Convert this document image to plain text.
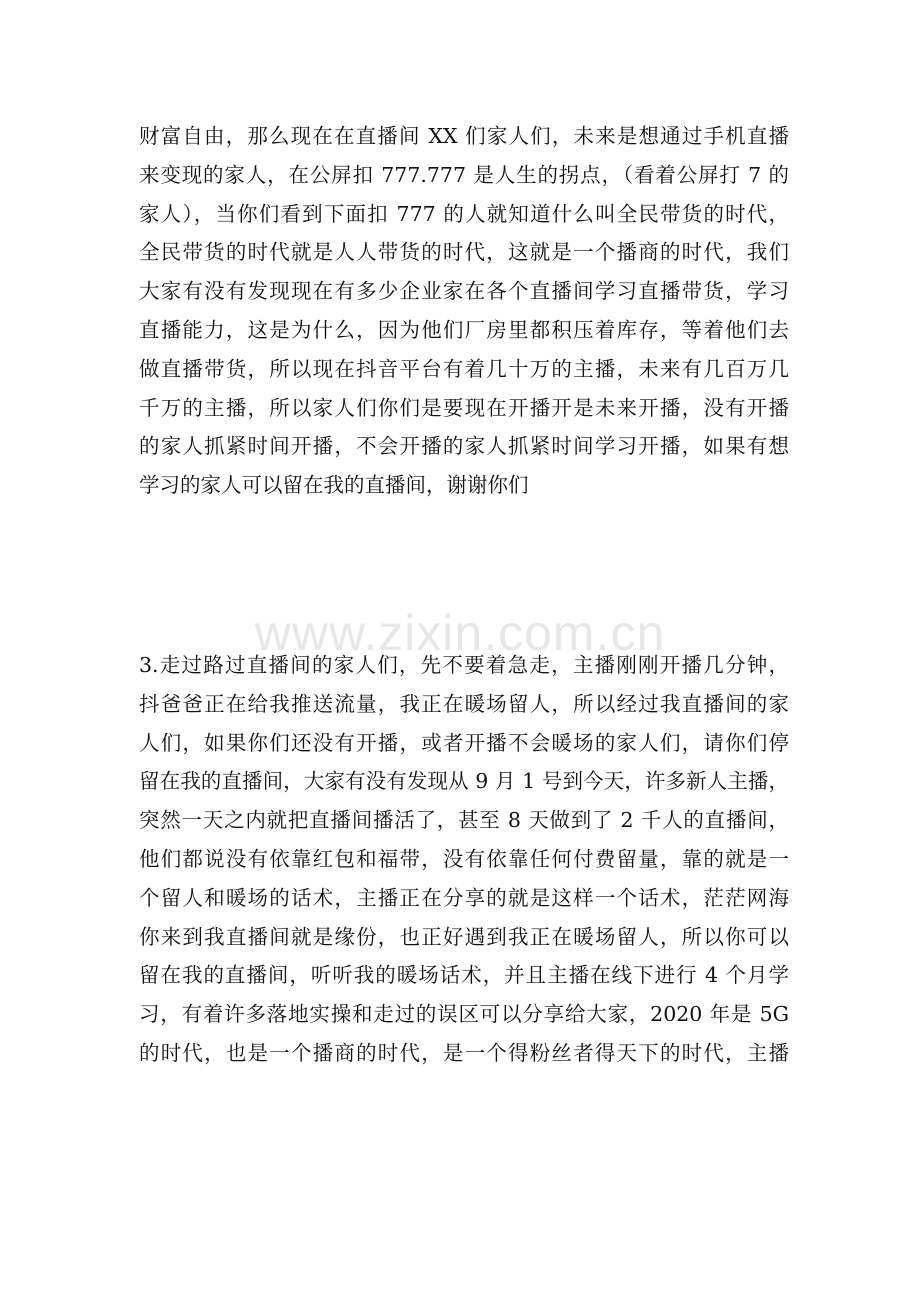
财富自由，那么现在在直播间 XX 们家人们，未来是想通过手机直播
来变现的家人，在公屏扣 777.777 是人生的拐点，（看着公屏打 7 的
家人），当你们看到下面扣 777 的人就知道什么叫全民带货的时代，
全民带货的时代就是人人带货的时代，这就是一个播商的时代，我们
大家有没有发现现在有多少企业家在各个直播间学习直播带货，学习
直播能力，这是为什么，因为他们厂房里都积压着库存，等着他们去
做直播带货，所以现在抖音平台有着几十万的主播，未来有几百万几
千万的主播，所以家人们你们是要现在开播开是未来开播，没有开播
的家人抓紧时间开播，不会开播的家人抓紧时间学习开播，如果有想
学习的家人可以留在我的直播间，谢谢你们
www.zixin.com.cn
3.走过路过直播间的家人们，先不要着急走，主播刚刚开播几分钟，
抖爸爸正在给我推送流量，我正在暖场留人，所以经过我直播间的家
人们，如果你们还没有开播，或者开播不会暖场的家人们，请你们停
留在我的直播间，大家有没有发现从 9 月 1 号到今天，许多新人主播，
突然一天之内就把直播间播活了，甚至 8 天做到了 2 千人的直播间，
他们都说没有依靠红包和福带，没有依靠任何付费留量，靠的就是一
个留人和暖场的话术，主播正在分享的就是这样一个话术，茫茫网海
你来到我直播间就是缘份，也正好遇到我正在暖场留人，所以你可以
留在我的直播间，听听我的暖场话术，并且主播在线下进行 4 个月学
习，有着许多落地实操和走过的误区可以分享给大家，2020 年是 5G
的时代，也是一个播商的时代，是一个得粉丝者得天下的时代，主播
